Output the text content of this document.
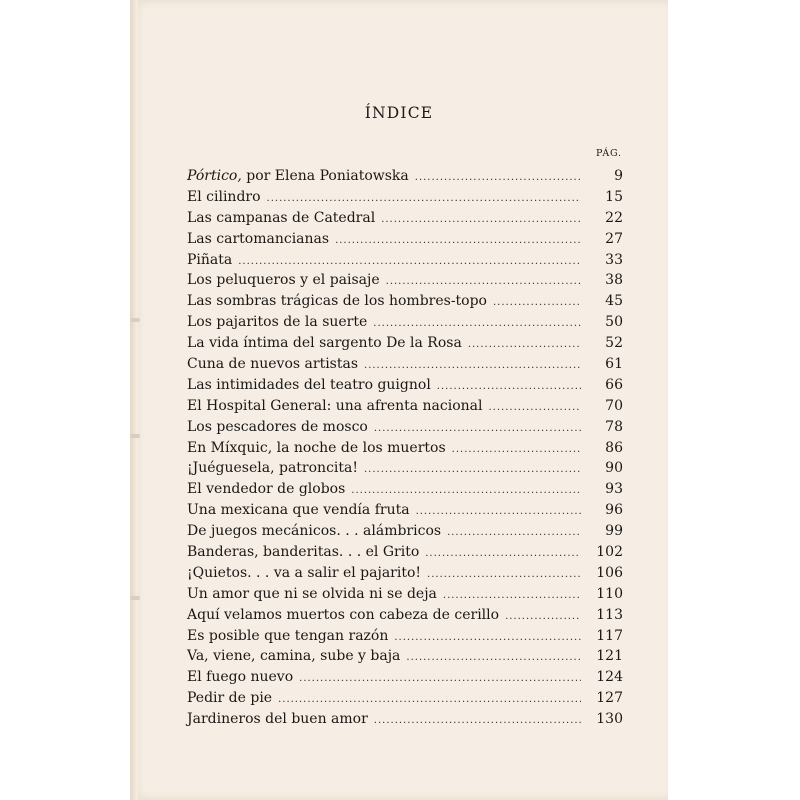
ÍNDICE
PÁG.
Pórtico, por Elena Poniatowska .....	9
El cilindro .....	15
Las campanas de Catedral .....	22
Las cartomancianas .....	27
Piñata .....	33
Los peluqueros y el paisaje .....	38
Las sombras trágicas de los hombres-topo .....	45
Los pajaritos de la suerte .....	50
La vida íntima del sargento De la Rosa .....	52
Cuna de nuevos artistas .....	61
Las intimidades del teatro guignol .....	66
El Hospital General: una afrenta nacional .....	70
Los pescadores de mosco .....	78
En Míxquic, la noche de los muertos .....	86
¡Juéguesela, patroncita! .....	90
El vendedor de globos .....	93
Una mexicana que vendía fruta .....	96
De juegos mecánicos. . . alámbricos .....	99
Banderas, banderitas. . . el Grito .....	102
¡Quietos. . . va a salir el pajarito! .....	106
Un amor que ni se olvida ni se deja .....	110
Aquí velamos muertos con cabeza de cerillo .....	113
Es posible que tengan razón .....	117
Va, viene, camina, sube y baja .....	121
El fuego nuevo .....	124
Pedir de pie .....	127
Jardineros del buen amor .....	130
